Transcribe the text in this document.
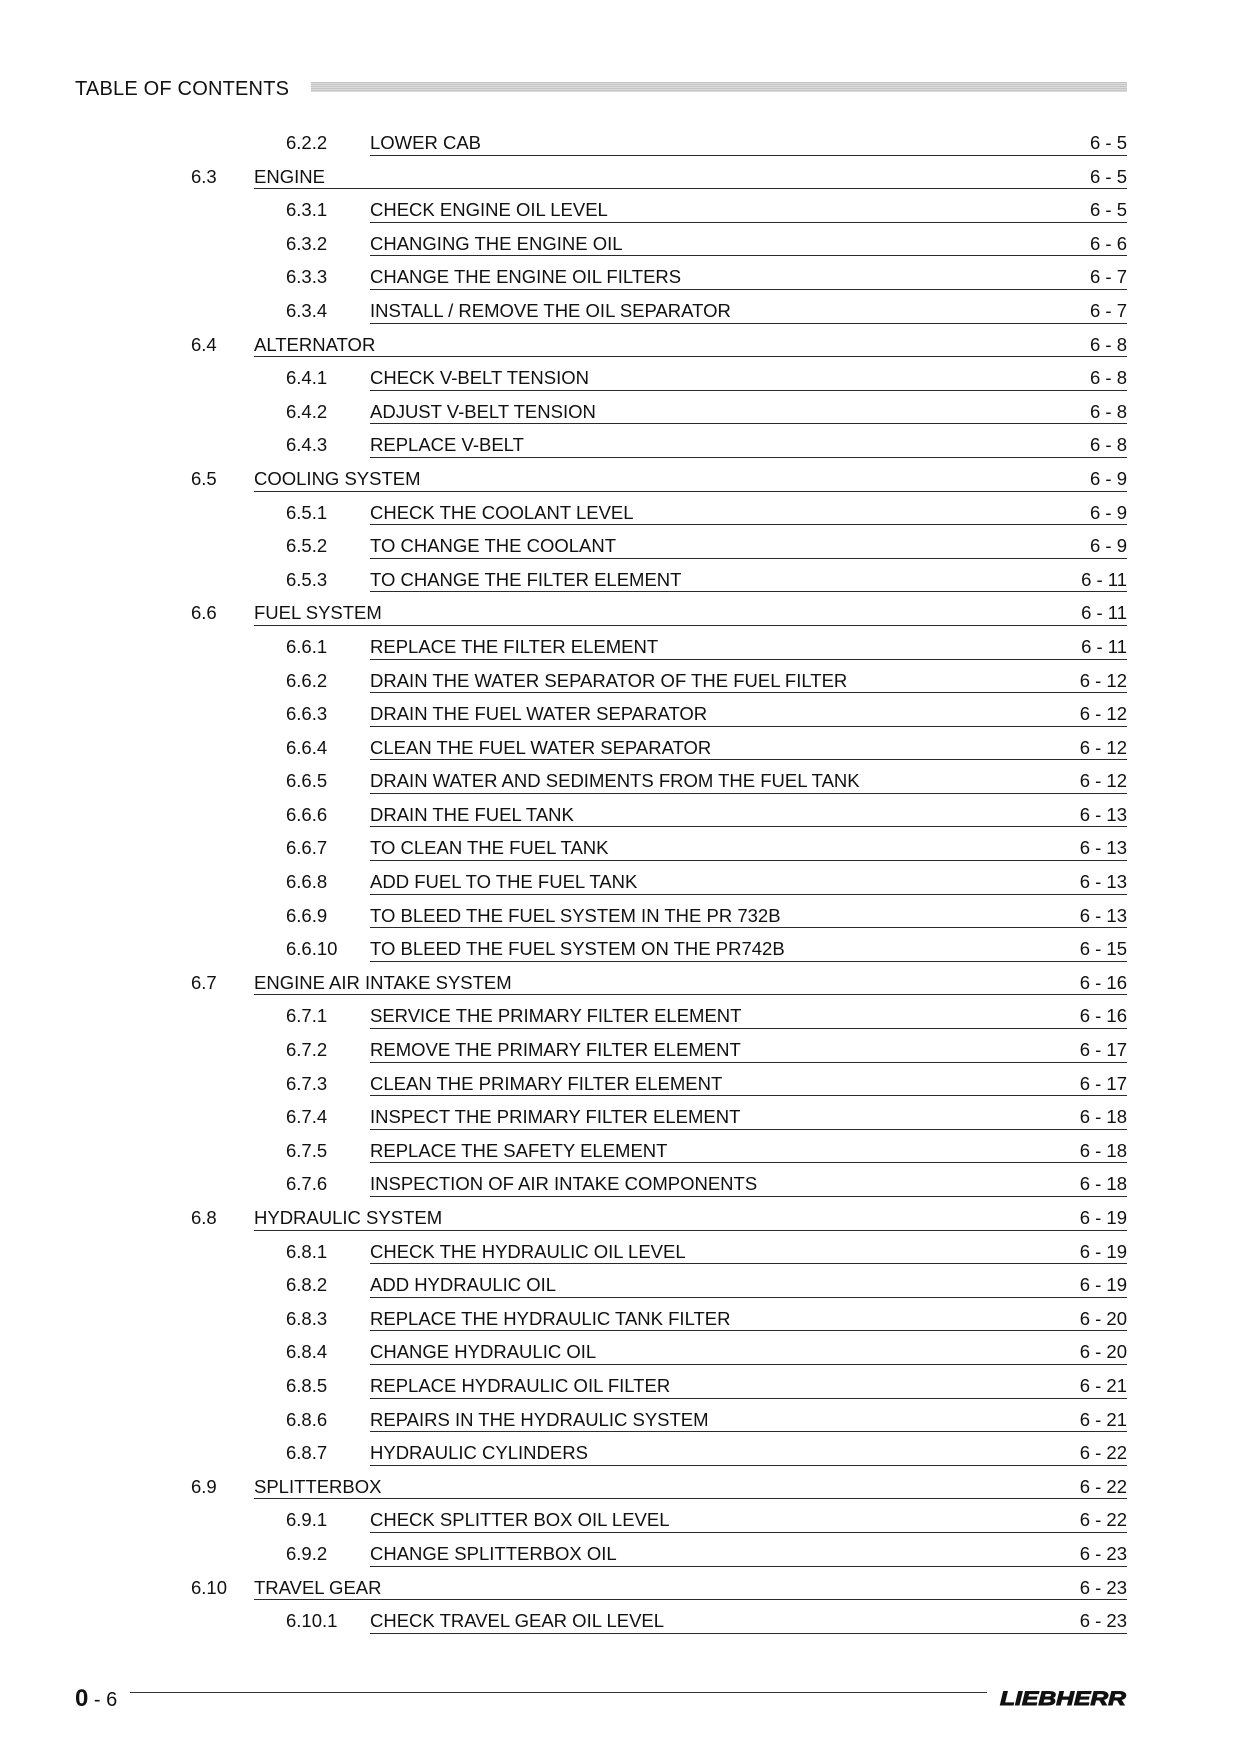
TABLE OF CONTENTS
6.2.2 LOWER CAB	6 - 5
6.3 ENGINE	6 - 5
6.3.1 CHECK ENGINE OIL LEVEL	6 - 5
6.3.2 CHANGING THE ENGINE OIL	6 - 6
6.3.3 CHANGE THE ENGINE OIL FILTERS	6 - 7
6.3.4 INSTALL / REMOVE THE OIL SEPARATOR	6 - 7
6.4 ALTERNATOR	6 - 8
6.4.1 CHECK V-BELT TENSION	6 - 8
6.4.2 ADJUST V-BELT TENSION	6 - 8
6.4.3 REPLACE V-BELT	6 - 8
6.5 COOLING SYSTEM	6 - 9
6.5.1 CHECK THE COOLANT LEVEL	6 - 9
6.5.2 TO CHANGE THE COOLANT	6 - 9
6.5.3 TO CHANGE THE FILTER ELEMENT	6 - 11
6.6 FUEL SYSTEM	6 - 11
6.6.1 REPLACE THE FILTER ELEMENT	6 - 11
6.6.2 DRAIN THE WATER SEPARATOR OF THE FUEL FILTER	6 - 12
6.6.3 DRAIN THE FUEL WATER SEPARATOR	6 - 12
6.6.4 CLEAN THE FUEL WATER SEPARATOR	6 - 12
6.6.5 DRAIN WATER AND SEDIMENTS FROM THE FUEL TANK	6 - 12
6.6.6 DRAIN THE FUEL TANK	6 - 13
6.6.7 TO CLEAN THE FUEL TANK	6 - 13
6.6.8 ADD FUEL TO THE FUEL TANK	6 - 13
6.6.9 TO BLEED THE FUEL SYSTEM IN THE PR 732B	6 - 13
6.6.10 TO BLEED THE FUEL SYSTEM ON THE PR742B	6 - 15
6.7 ENGINE AIR INTAKE SYSTEM	6 - 16
6.7.1 SERVICE THE PRIMARY FILTER ELEMENT	6 - 16
6.7.2 REMOVE THE PRIMARY FILTER ELEMENT	6 - 17
6.7.3 CLEAN THE PRIMARY FILTER ELEMENT	6 - 17
6.7.4 INSPECT THE PRIMARY FILTER ELEMENT	6 - 18
6.7.5 REPLACE THE SAFETY ELEMENT	6 - 18
6.7.6 INSPECTION OF AIR INTAKE COMPONENTS	6 - 18
6.8 HYDRAULIC SYSTEM	6 - 19
6.8.1 CHECK THE HYDRAULIC OIL LEVEL	6 - 19
6.8.2 ADD HYDRAULIC OIL	6 - 19
6.8.3 REPLACE THE HYDRAULIC TANK FILTER	6 - 20
6.8.4 CHANGE HYDRAULIC OIL	6 - 20
6.8.5 REPLACE HYDRAULIC OIL FILTER	6 - 21
6.8.6 REPAIRS IN THE HYDRAULIC SYSTEM	6 - 21
6.8.7 HYDRAULIC CYLINDERS	6 - 22
6.9 SPLITTERBOX	6 - 22
6.9.1 CHECK SPLITTER BOX OIL LEVEL	6 - 22
6.9.2 CHANGE SPLITTERBOX OIL	6 - 23
6.10 TRAVEL GEAR	6 - 23
6.10.1 CHECK TRAVEL GEAR OIL LEVEL	6 - 23
0 - 6	LIEBHERR
